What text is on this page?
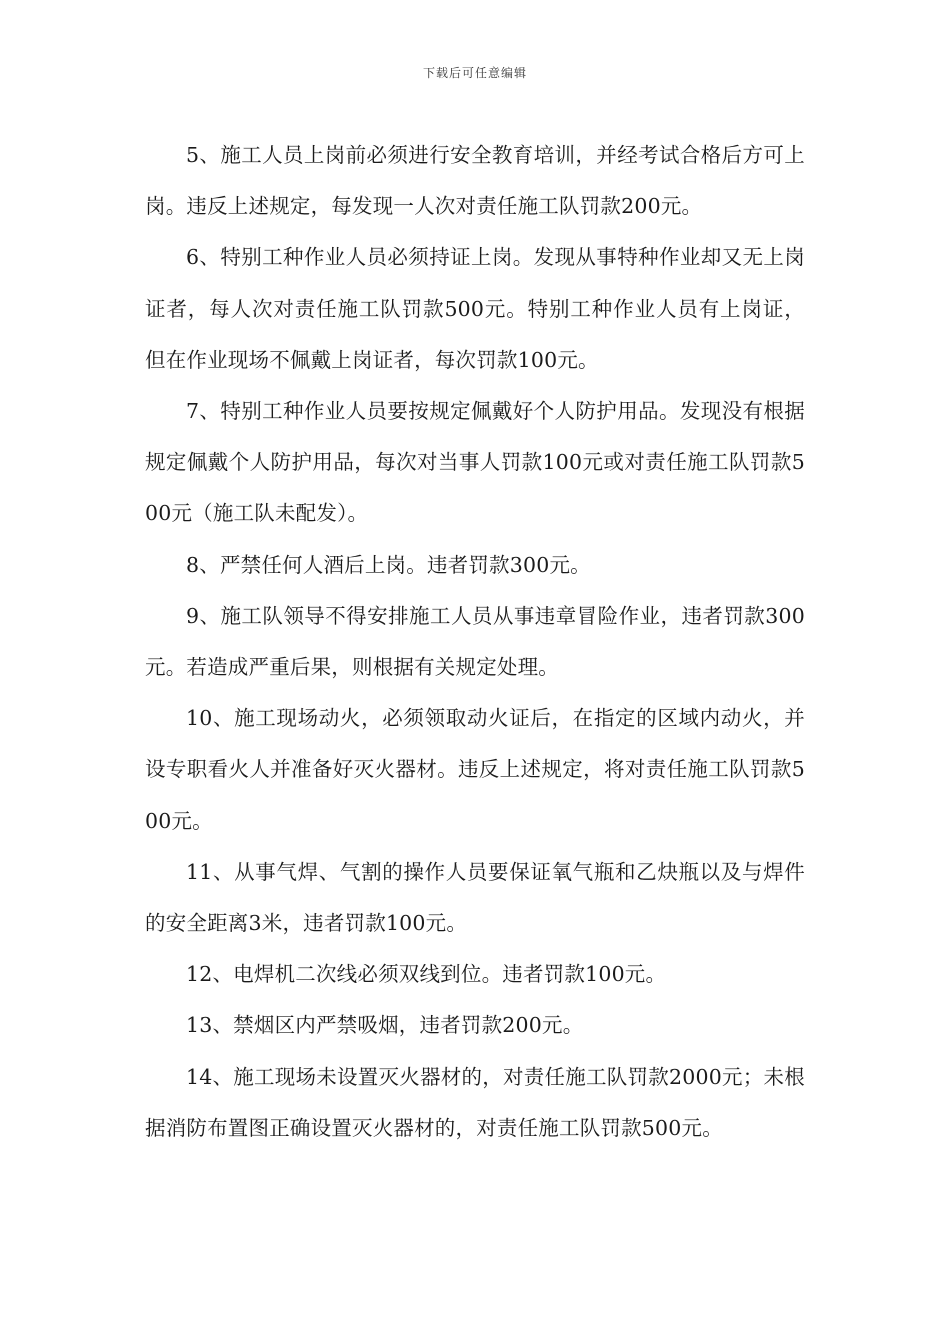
下载后可任意编辑

5、施工人员上岗前必须进行安全教育培训，并经考试合格后方可上岗。违反上述规定，每发现一人次对责任施工队罚款200元。

6、特别工种作业人员必须持证上岗。发现从事特种作业却又无上岗证者，每人次对责任施工队罚款500元。特别工种作业人员有上岗证，但在作业现场不佩戴上岗证者，每次罚款100元。

7、特别工种作业人员要按规定佩戴好个人防护用品。发现没有根据规定佩戴个人防护用品，每次对当事人罚款100元或对责任施工队罚款500元（施工队未配发）。

8、严禁任何人酒后上岗。违者罚款300元。

9、施工队领导不得安排施工人员从事违章冒险作业，违者罚款300元。若造成严重后果，则根据有关规定处理。

10、施工现场动火，必须领取动火证后，在指定的区域内动火，并设专职看火人并准备好灭火器材。违反上述规定，将对责任施工队罚款500元。

11、从事气焊、气割的操作人员要保证氧气瓶和乙炔瓶以及与焊件的安全距离3米，违者罚款100元。

12、电焊机二次线必须双线到位。违者罚款100元。

13、禁烟区内严禁吸烟，违者罚款200元。

14、施工现场未设置灭火器材的，对责任施工队罚款2000元；未根据消防布置图正确设置灭火器材的，对责任施工队罚款500元。
